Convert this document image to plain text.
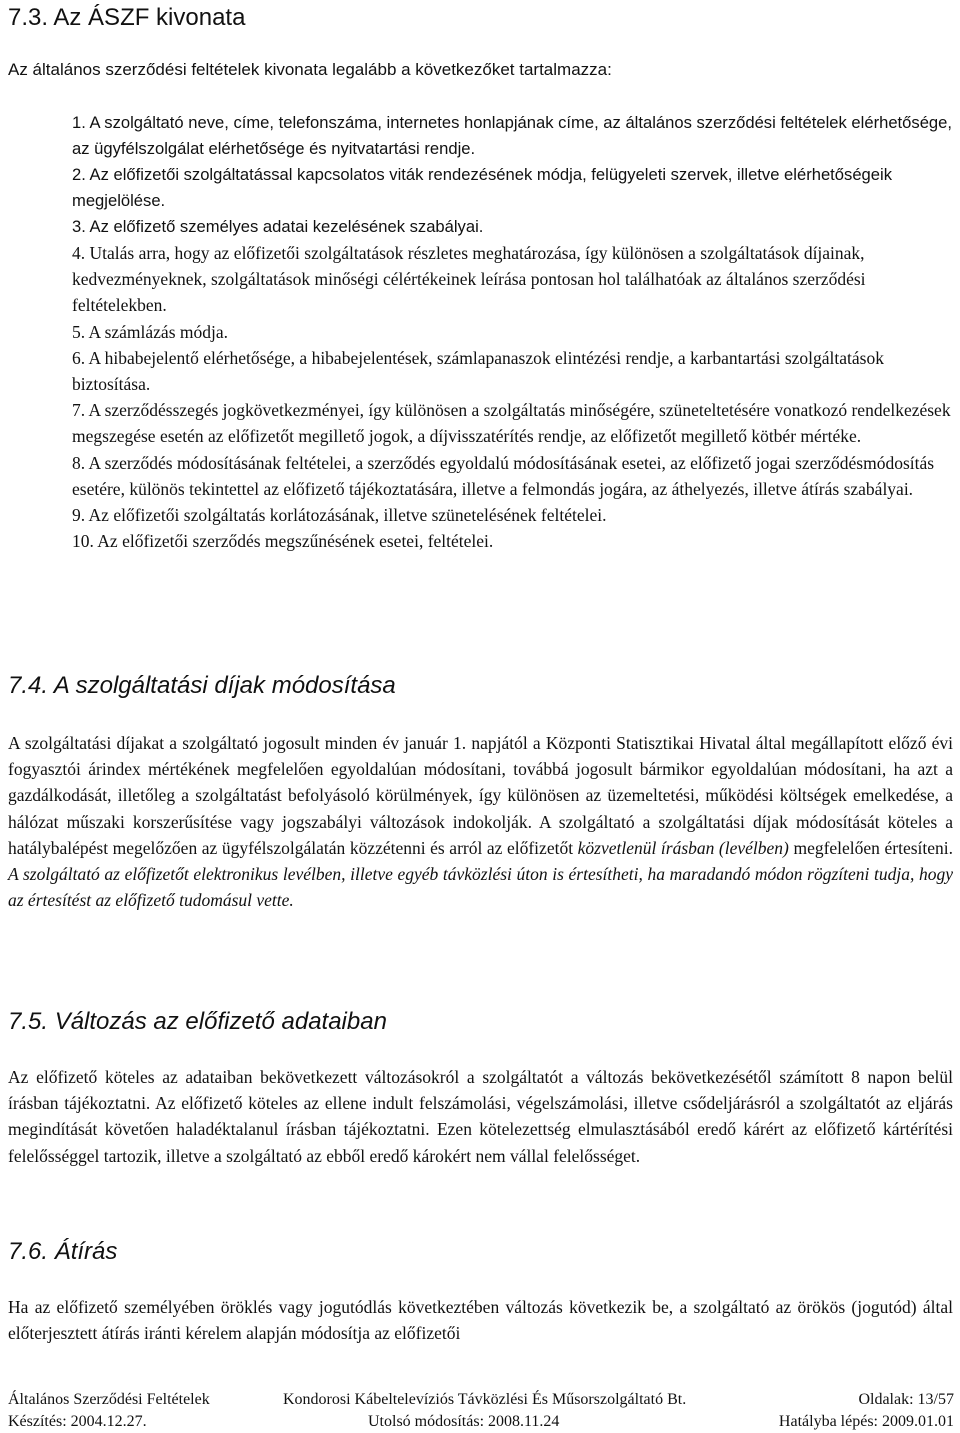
7.3. Az ÁSZF kivonata
Az általános szerződési feltételek kivonata legalább a következőket tartalmazza:

1. A szolgáltató neve, címe, telefonszáma, internetes honlapjának címe, az általános szerződési feltételek elérhetősége, az ügyfélszolgálat elérhetősége és nyitvatartási rendje.

2. Az előfizetői szolgáltatással kapcsolatos viták rendezésének módja, felügyeleti szervek, illetve elérhetőségeik megjelölése.

3. Az előfizető személyes adatai kezelésének szabályai.

4. Utalás arra, hogy az előfizetői szolgáltatások részletes meghatározása, így különösen a szolgáltatások díjainak, kedvezményeknek, szolgáltatások minőségi célértékeinek leírása pontosan hol találhatóak az általános szerződési feltételekben.

5. A számlázás módja.

6. A hibabejelentő elérhetősége, a hibabejelentések, számlapanaszok elintézési rendje, a karbantartási szolgáltatások biztosítása.

7. A szerződésszegés jogkövetkezményei, így különösen a szolgáltatás minőségére, szüneteltetésére vonatkozó rendelkezések megszegése esetén az előfizetőt megillető jogok, a díjvisszatérítés rendje, az előfizetőt megillető kötbér mértéke.

8. A szerződés módosításának feltételei, a szerződés egyoldalú módosításának esetei, az előfizető jogai szerződésmódosítás esetére, különös tekintettel az előfizető tájékoztatására, illetve a felmondás jogára, az áthelyezés, illetve átírás szabályai.

9. Az előfizetői szolgáltatás korlátozásának, illetve szünetelésének feltételei.

10. Az előfizetői szerződés megszűnésének esetei, feltételei.

7.4. A szolgáltatási díjak módosítása

A szolgáltatási díjakat a szolgáltató jogosult minden év január 1. napjától a Központi Statisztikai Hivatal által megállapított előző évi fogyasztói árindex mértékének megfelelően egyoldalúan módosítani, továbbá jogosult bármikor egyoldalúan módosítani, ha azt a gazdálkodását, illetőleg a szolgáltatást befolyásoló körülmények, így különösen az üzemeltetési, működési költségek emelkedése, a hálózat műszaki korszerűsítése vagy jogszabályi változások indokolják. A szolgáltató a szolgáltatási díjak módosítását köteles a hatálybalépést megelőzően az ügyfélszolgálatán közzétenni és arról az előfizetőt közvetlenül írásban (levélben) megfelelően értesíteni. A szolgáltató az előfizetőt elektronikus levélben, illetve egyéb távközlési úton is értesítheti, ha maradandó módon rögzíteni tudja, hogy az értesítést az előfizető tudomásul vette.

7.5. Változás az előfizető adataiban

Az előfizető köteles az adataiban bekövetkezett változásokról a szolgáltatót a változás bekövetkezésétől számított 8 napon belül írásban tájékoztatni. Az előfizető köteles az ellene indult felszámolási, végelszámolási, illetve csődeljárásról a szolgáltatót az eljárás megindítását követően haladéktalanul írásban tájékoztatni. Ezen kötelezettség elmulasztásából eredő kárért az előfizető kártérítési felelősséggel tartozik, illetve a szolgáltató az ebből eredő károkért nem vállal felelősséget.

7.6. Átírás

Ha az előfizető személyében öröklés vagy jogutódlás következtében változás következik be, a szolgáltató az örökös (jogutód) által előterjesztett átírás iránti kérelem alapján módosítja az előfizetői

Általános Szerződési Feltételek	Kondorosi Kábeltelevíziós Távközlési És Műsorszolgáltató Bt.	Oldalak: 13/57
Készítés: 2004.12.27.	Utolsó módosítás: 2008.11.24	Hatályba lépés: 2009.01.01
